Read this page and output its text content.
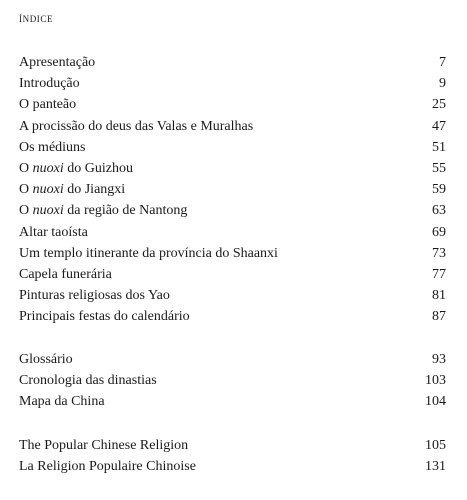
índice
Apresentação	7
Introdução	9
O panteão	25
A procissão do deus das Valas e Muralhas	47
Os médiuns	51
O nuoxi do Guizhou	55
O nuoxi do Jiangxi	59
O nuoxi da região de Nantong	63
Altar taoísta	69
Um templo itinerante da província do Shaanxi	73
Capela funerária	77
Pinturas religiosas dos Yao	81
Principais festas do calendário	87
Glossário	93
Cronologia das dinastias	103
Mapa da China	104
The Popular Chinese Religion	105
La Religion Populaire Chinoise	131
